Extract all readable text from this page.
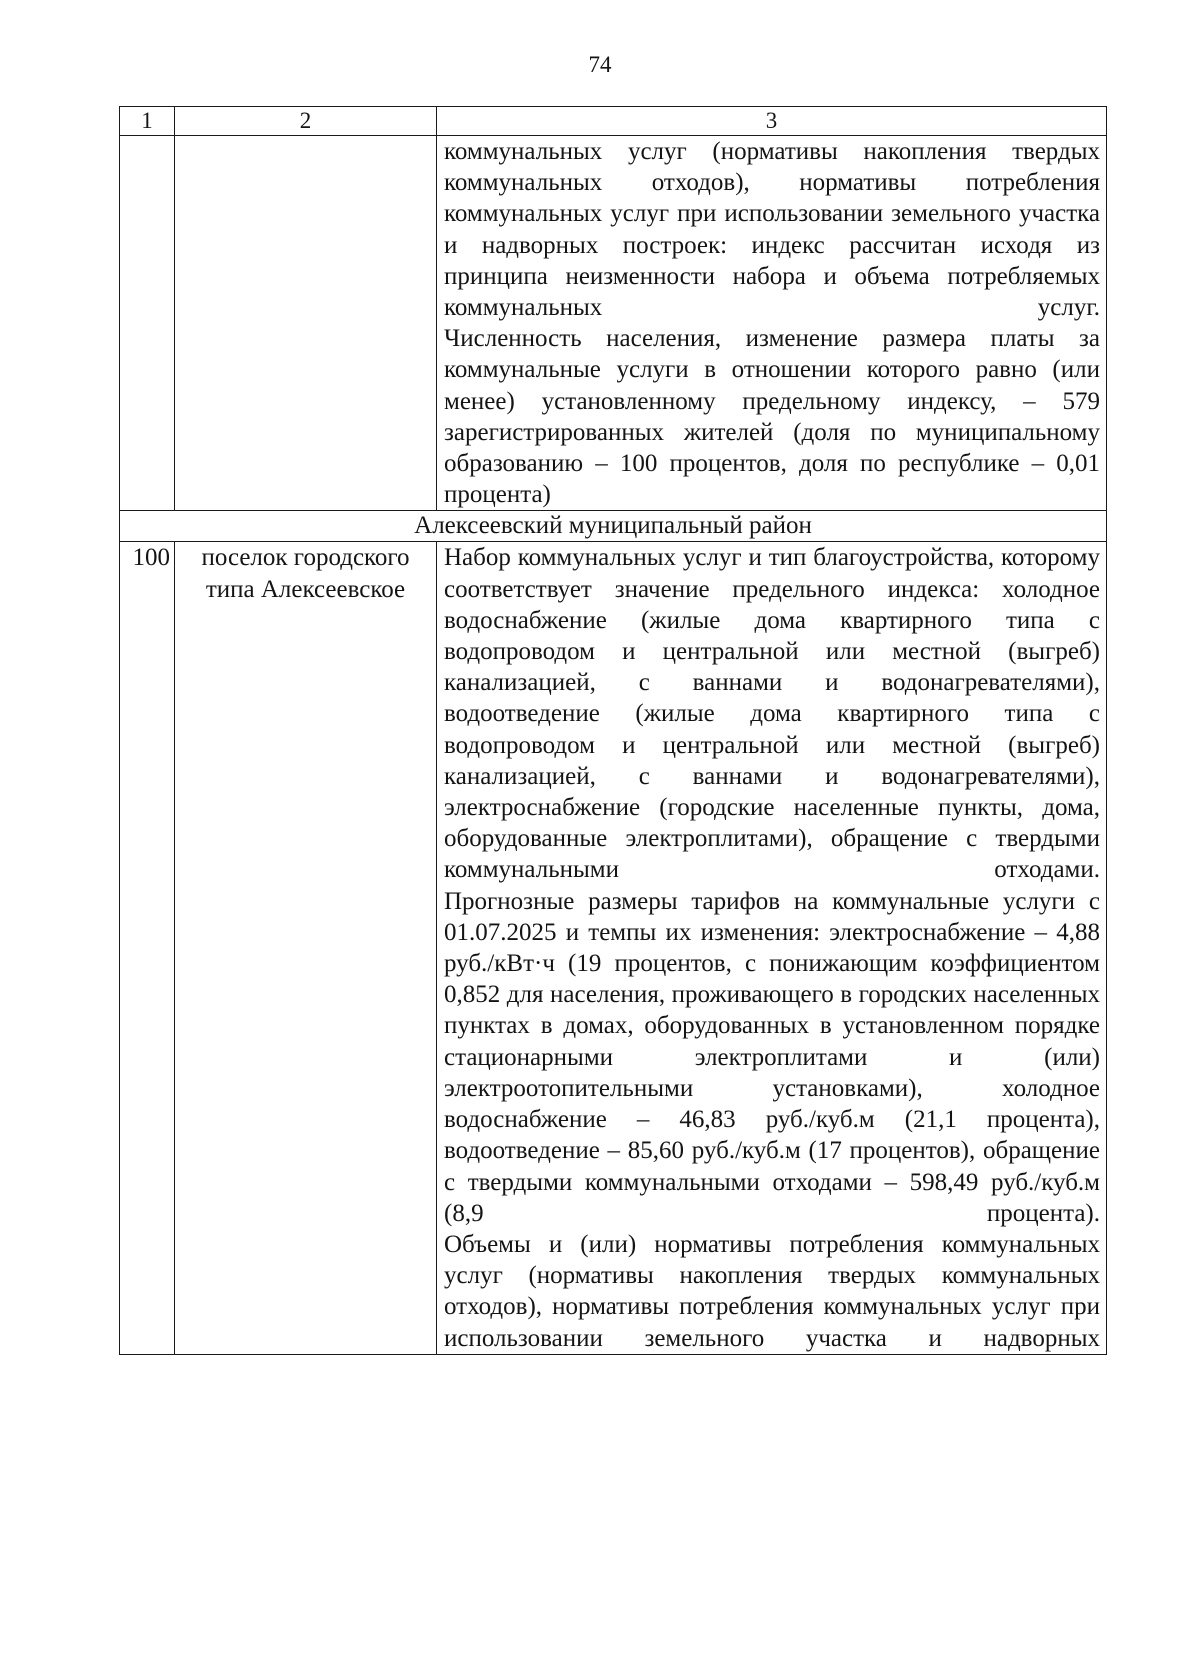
74
1	2	3

		коммунальных услуг (нормативы накопления твердых коммунальных отходов), нормативы потребления коммунальных услуг при использовании земельного участка и надворных построек: индекс рассчитан исходя из принципа неизменности набора и объема потребляемых коммунальных услуг.

Численность населения, изменение размера платы за коммунальные услуги в отношении которого равно (или менее) установленному предельному индексу, – 579 зарегистрированных жителей (доля по муниципальному образованию – 100 процентов, доля по республике – 0,01 процента)

Алексеевский муниципальный район		
100	поселок городского типа Алексеевское	Набор коммунальных услуг и тип благоустройства, которому соответствует значение предельного индекса: холодное водоснабжение (жилые дома квартирного типа с водопроводом и центральной или местной (выгреб) канализацией, с ваннами и водонагревателями), водоотведение (жилые дома квартирного типа с водопроводом и центральной или местной (выгреб) канализацией, с ваннами и водонагревателями), электроснабжение (городские населенные пункты, дома, оборудованные электроплитами), обращение с твердыми коммунальными отходами.

Прогнозные размеры тарифов на коммунальные услуги с 01.07.2025 и темпы их изменения: электроснабжение – 4,88 руб./кВт·ч (19 процентов, с понижающим коэффициентом 0,852 для населения, проживающего в городских населенных пунктах в домах, оборудованных в установленном порядке стационарными электроплитами и (или) электроотопительными установками), холодное водоснабжение – 46,83 руб./куб.м (21,1 процента), водоотведение – 85,60 руб./куб.м (17 процентов), обращение с твердыми коммунальными отходами – 598,49 руб./куб.м (8,9 процента).

Объемы и (или) нормативы потребления коммунальных услуг (нормативы накопления твердых коммунальных отходов), нормативы потребления коммунальных услуг при использовании земельного участка и надворных
